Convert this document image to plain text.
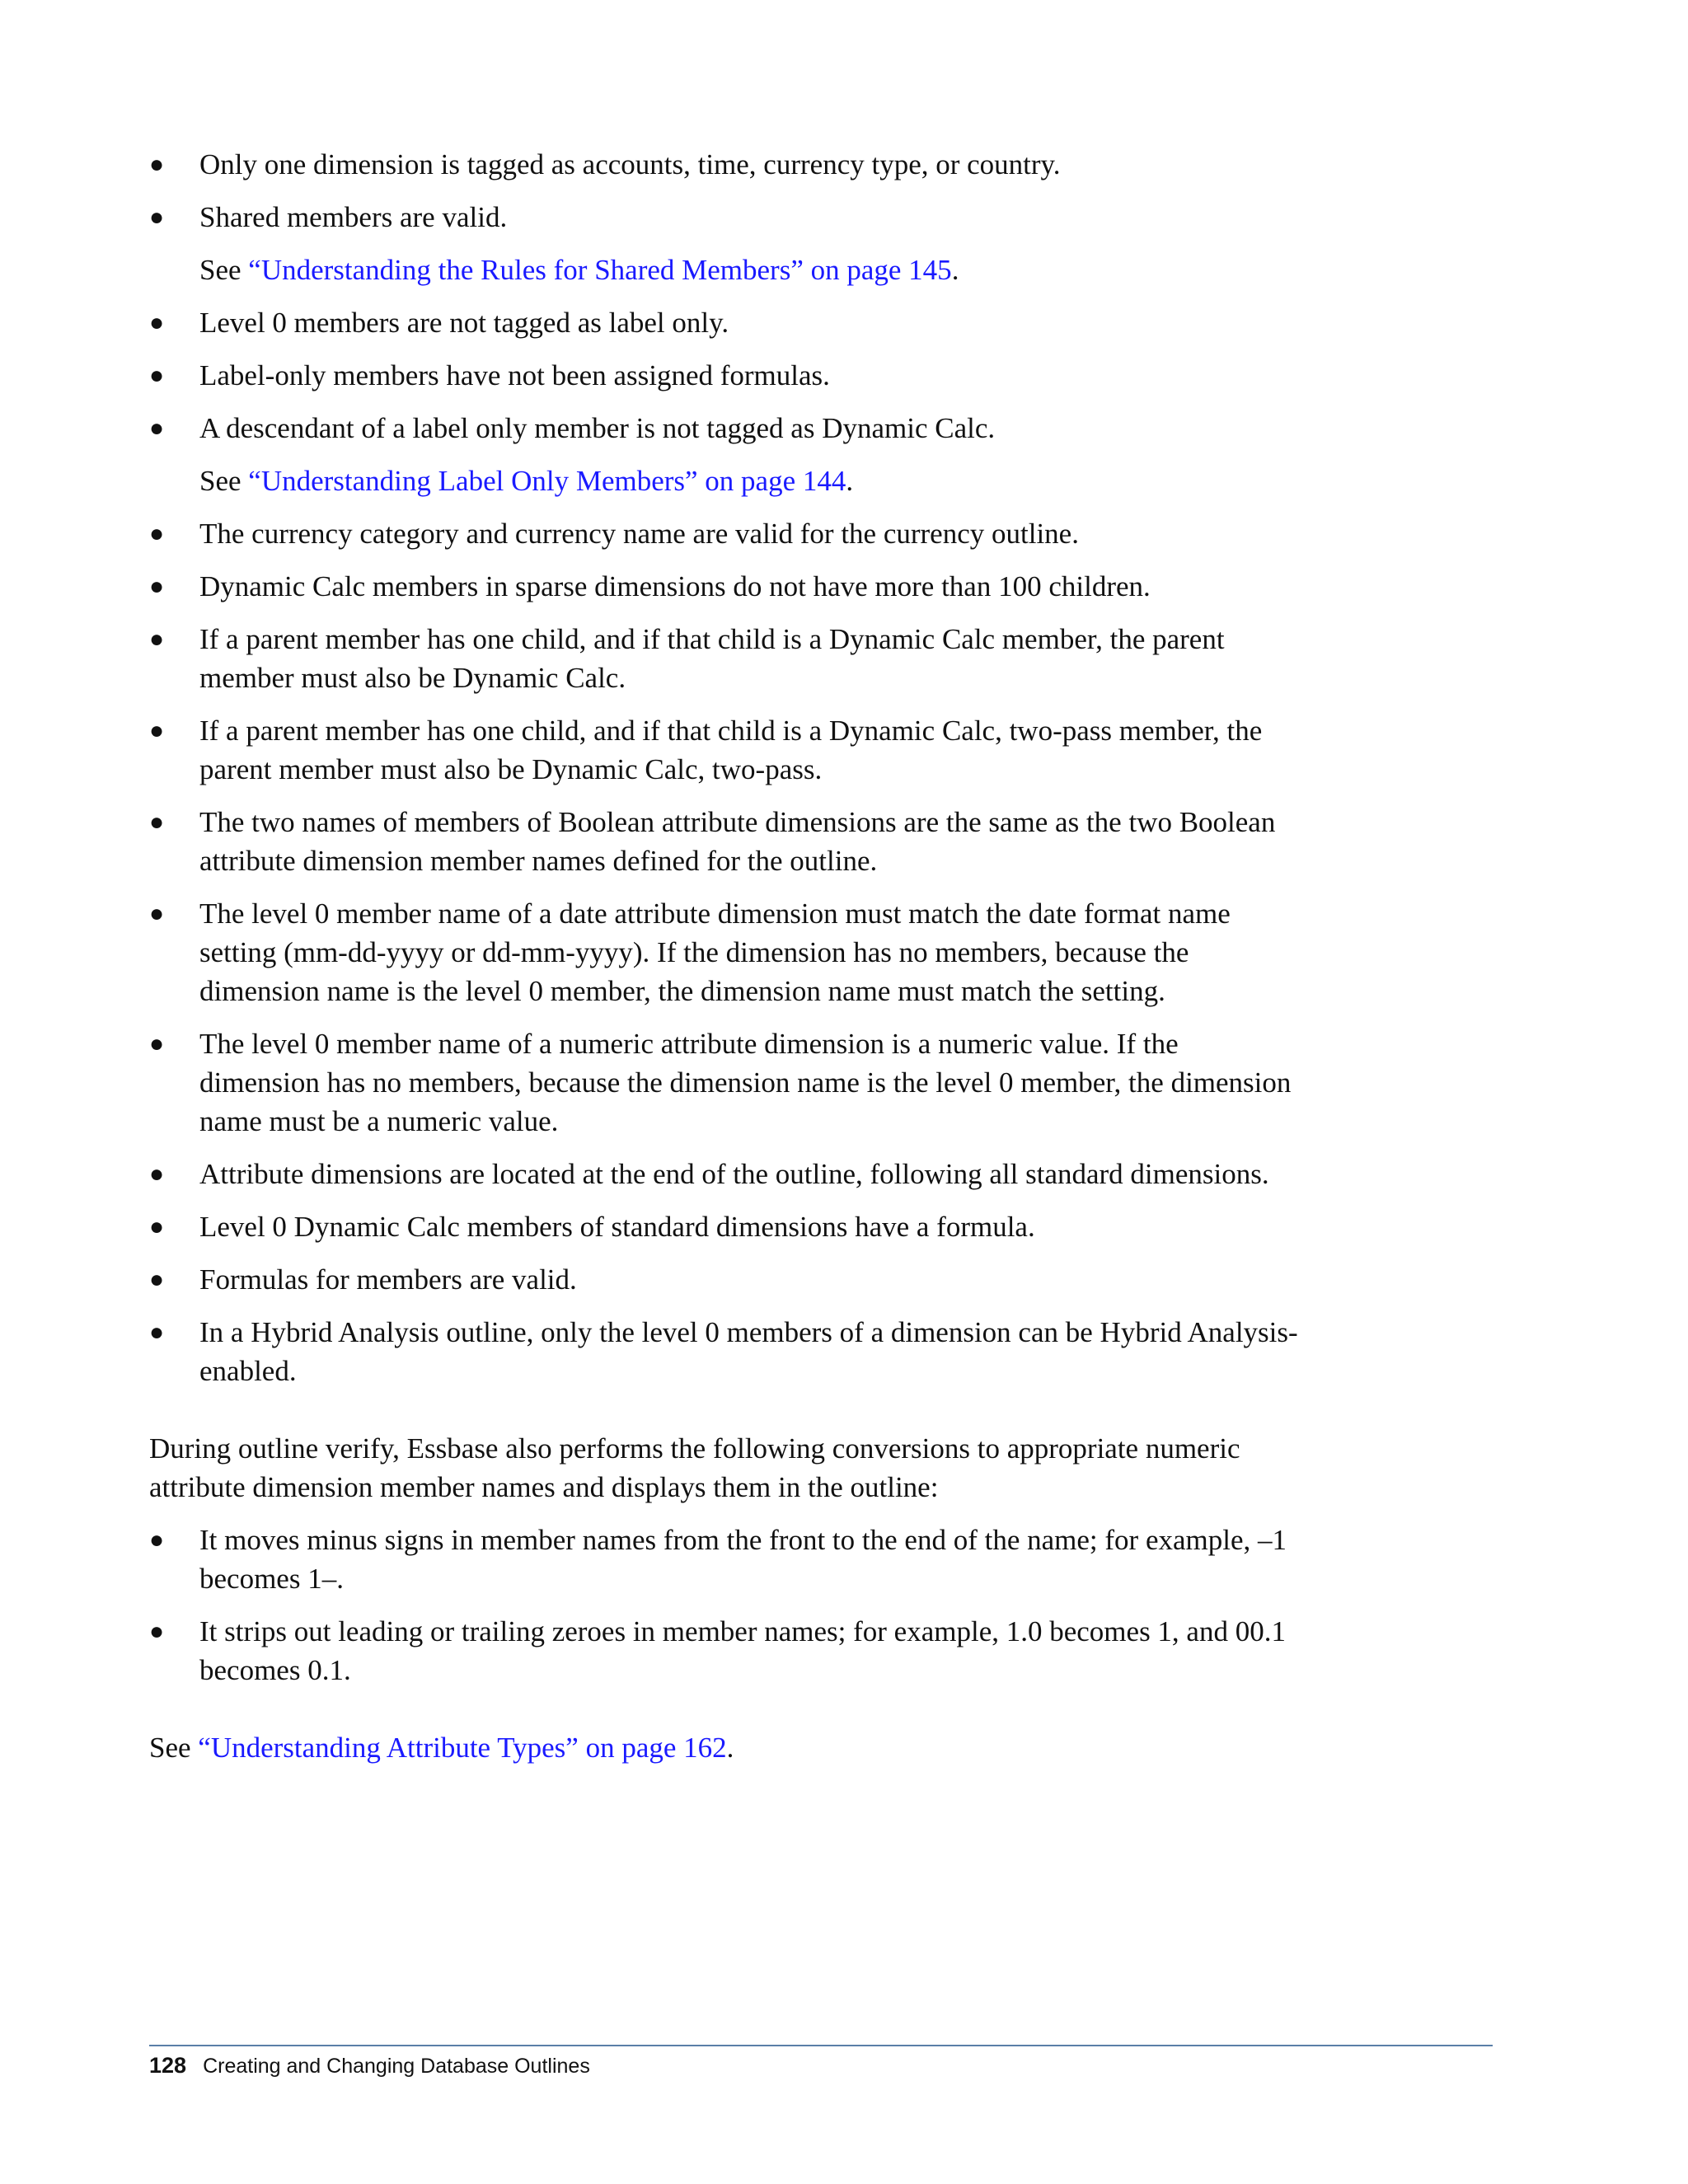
● Only one dimension is tagged as accounts, time, currency type, or country.
● Shared members are valid.
See “Understanding the Rules for Shared Members” on page 145.
● Level 0 members are not tagged as label only.
● Label-only members have not been assigned formulas.
● A descendant of a label only member is not tagged as Dynamic Calc.
See “Understanding Label Only Members” on page 144.
● The currency category and currency name are valid for the currency outline.
● Dynamic Calc members in sparse dimensions do not have more than 100 children.
● If a parent member has one child, and if that child is a Dynamic Calc member, the parent member must also be Dynamic Calc.
● If a parent member has one child, and if that child is a Dynamic Calc, two-pass member, the parent member must also be Dynamic Calc, two-pass.
● The two names of members of Boolean attribute dimensions are the same as the two Boolean attribute dimension member names defined for the outline.
● The level 0 member name of a date attribute dimension must match the date format name setting (mm-dd-yyyy or dd-mm-yyyy). If the dimension has no members, because the dimension name is the level 0 member, the dimension name must match the setting.
● The level 0 member name of a numeric attribute dimension is a numeric value. If the dimension has no members, because the dimension name is the level 0 member, the dimension name must be a numeric value.
● Attribute dimensions are located at the end of the outline, following all standard dimensions.
● Level 0 Dynamic Calc members of standard dimensions have a formula.
● Formulas for members are valid.
● In a Hybrid Analysis outline, only the level 0 members of a dimension can be Hybrid Analysis-enabled.

During outline verify, Essbase also performs the following conversions to appropriate numeric attribute dimension member names and displays them in the outline:

● It moves minus signs in member names from the front to the end of the name; for example, –1 becomes 1–.
● It strips out leading or trailing zeroes in member names; for example, 1.0 becomes 1, and 00.1 becomes 0.1.

See “Understanding Attribute Types” on page 162.

128 Creating and Changing Database Outlines
